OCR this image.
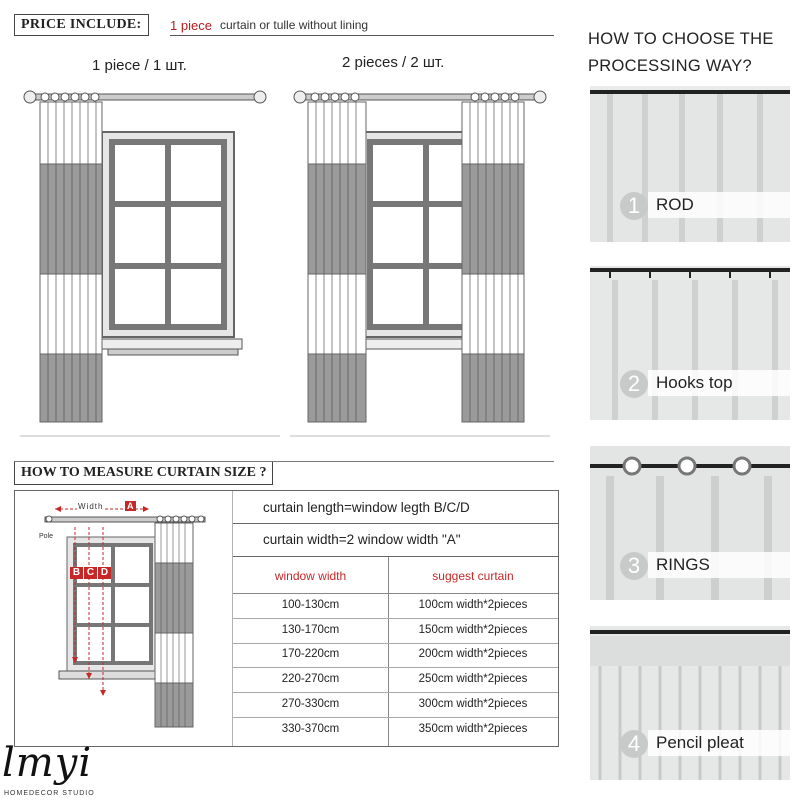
PRICE INCLUDE:	1 piece curtain or tulle without lining
1 piece / 1 шт.	2 pieces / 2 шт.
HOW TO CHOOSE THE
PROCESSING WAY?
1 ROD
2 Hooks top
3 RINGS
4 Pencil pleat
HOW TO MEASURE CURTAIN SIZE ?
Width	A
Pole
B C D
curtain length=window legth B/C/D
curtain width=2 window width "A"
window width	suggest curtain
100-130cm	100cm width*2pieces
130-170cm	150cm width*2pieces
170-220cm	200cm width*2pieces
220-270cm	250cm width*2pieces
270-330cm	300cm width*2pieces
330-370cm	350cm width*2pieces
lmyi
HOMEDECOR STUDIO
